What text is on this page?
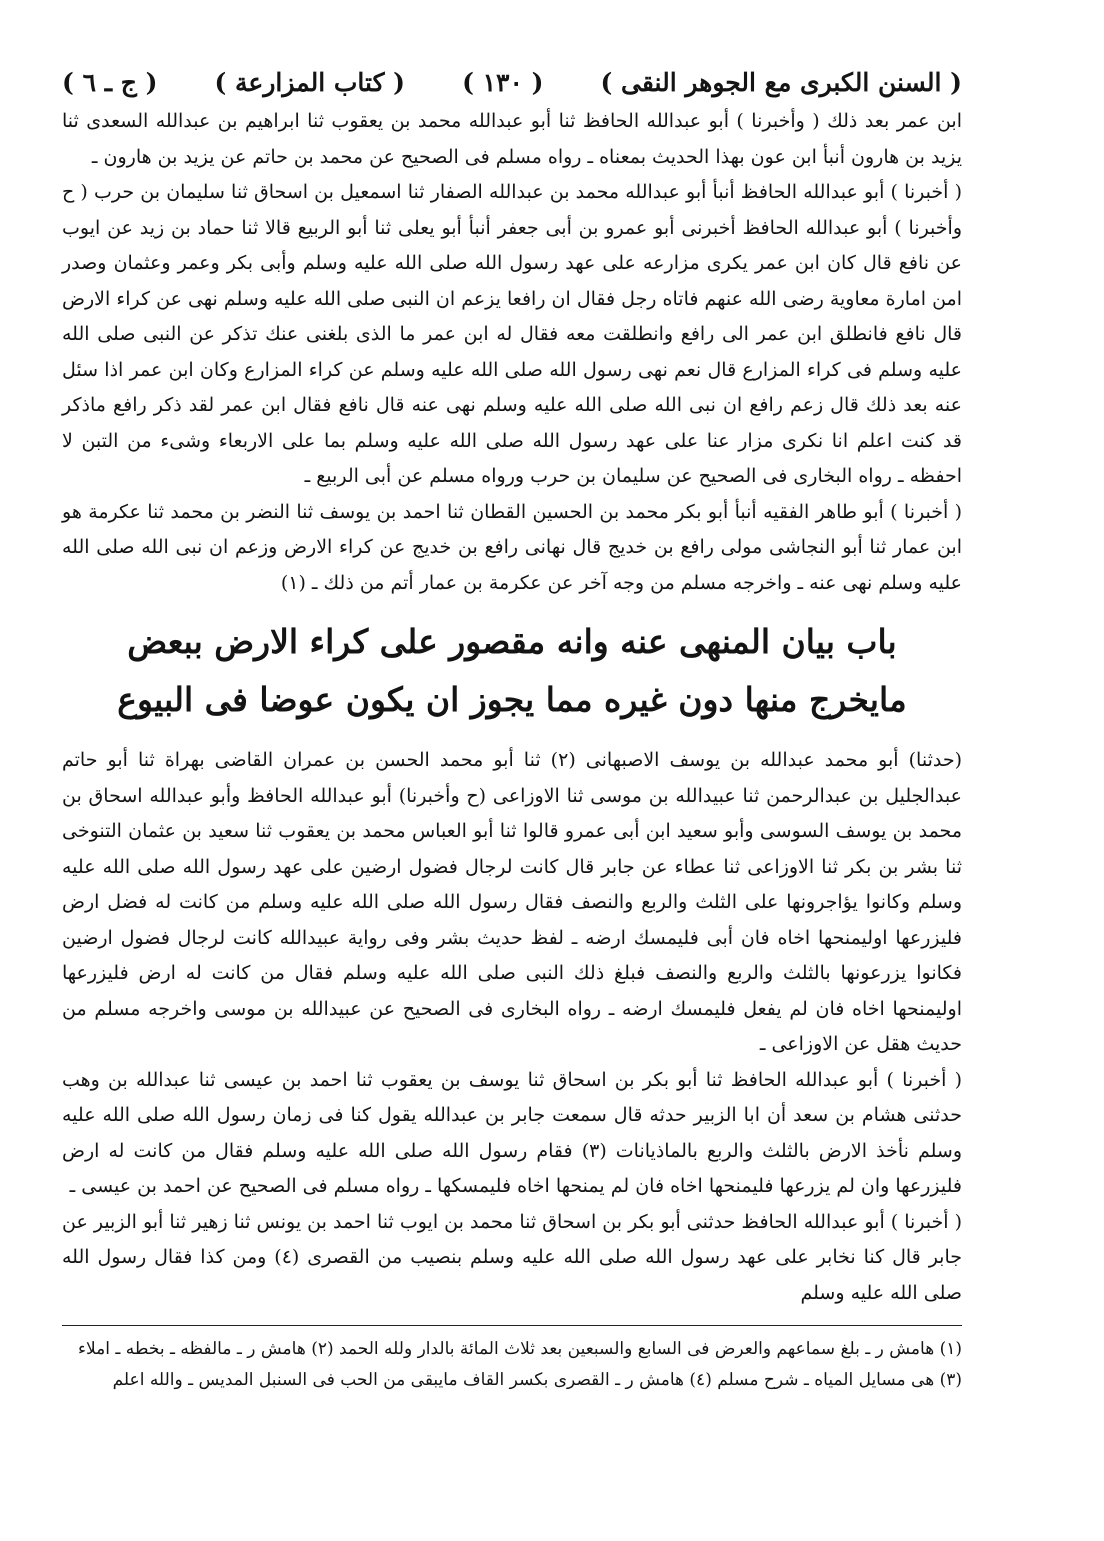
( السنن الكبرى مع الجوهر النقى )
( ١٣٠ )
( كتاب المزارعة )
( ج ـ ٦ )

ابن عمر بعد ذلك ( وأخبرنا ) أبو عبدالله الحافظ ثنا أبو عبدالله محمد بن يعقوب ثنا ابراهيم بن عبدالله السعدى ثنا يزيد بن هارون أنبأ ابن عون بهذا الحديث بمعناه ـ رواه مسلم فى الصحيح عن محمد بن حاتم عن يزيد بن هارون ـ

( أخبرنا ) أبو عبدالله الحافظ أنبأ أبو عبدالله محمد بن عبدالله الصفار ثنا اسمعيل بن اسحاق ثنا سليمان بن حرب ( ح وأخبرنا ) أبو عبدالله الحافظ أخبرنى أبو عمرو بن أبى جعفر أنبأ أبو يعلى ثنا أبو الربيع قالا ثنا حماد بن زيد عن ايوب عن نافع قال كان ابن عمر يكرى مزارعه على عهد رسول الله صلى الله عليه وسلم وأبى بكر وعمر وعثمان وصدر امن امارة معاوية رضى الله عنهم فاتاه رجل فقال ان رافعا يزعم ان النبى صلى الله عليه وسلم نهى عن كراء الارض قال نافع فانطلق ابن عمر الى رافع وانطلقت معه فقال له ابن عمر ما الذى بلغنى عنك تذكر عن النبى صلى الله عليه وسلم فى كراء المزارع قال نعم نهى رسول الله صلى الله عليه وسلم عن كراء المزارع وكان ابن عمر اذا سئل عنه بعد ذلك قال زعم رافع ان نبى الله صلى الله عليه وسلم نهى عنه قال نافع فقال ابن عمر لقد ذكر رافع ماذكر قد كنت اعلم انا نكرى مزار عنا على عهد رسول الله صلى الله عليه وسلم بما على الاربعاء وشىء من التبن لا احفظه ـ رواه البخارى فى الصحيح عن سليمان بن حرب ورواه مسلم عن أبى الربيع ـ

( أخبرنا ) أبو طاهر الفقيه أنبأ أبو بكر محمد بن الحسين القطان ثنا احمد بن يوسف ثنا النضر بن محمد ثنا عكرمة هو ابن عمار ثنا أبو النجاشى مولى رافع بن خديج قال نهانى رافع بن خديج عن كراء الارض وزعم ان نبى الله صلى الله عليه وسلم نهى عنه ـ واخرجه مسلم من وجه آخر عن عكرمة بن عمار أتم من ذلك ـ (١)

باب بيان المنهى عنه وانه مقصور على كراء الارض ببعض
مايخرج منها دون غيره مما يجوز ان يكون عوضا فى البيوع

(حدثنا) أبو محمد عبدالله بن يوسف الاصبهانى (٢) ثنا أبو محمد الحسن بن عمران القاضى بهراة ثنا أبو حاتم عبدالجليل بن عبدالرحمن ثنا عبيدالله بن موسى ثنا الاوزاعى (ح وأخبرنا) أبو عبدالله الحافظ وأبو عبدالله اسحاق بن محمد بن يوسف السوسى وأبو سعيد ابن أبى عمرو قالوا ثنا أبو العباس محمد بن يعقوب ثنا سعيد بن عثمان التنوخى ثنا بشر بن بكر ثنا الاوزاعى ثنا عطاء عن جابر قال كانت لرجال فضول ارضين على عهد رسول الله صلى الله عليه وسلم وكانوا يؤاجرونها على الثلث والربع والنصف فقال رسول الله صلى الله عليه وسلم من كانت له فضل ارض فليزرعها اوليمنحها اخاه فان أبى فليمسك ارضه ـ لفظ حديث بشر وفى رواية عبيدالله كانت لرجال فضول ارضين فكانوا يزرعونها بالثلث والربع والنصف فبلغ ذلك النبى صلى الله عليه وسلم فقال من كانت له ارض فليزرعها اوليمنحها اخاه فان لم يفعل فليمسك ارضه ـ رواه البخارى فى الصحيح عن عبيدالله بن موسى واخرجه مسلم من حديث هقل عن الاوزاعى ـ

( أخبرنا ) أبو عبدالله الحافظ ثنا أبو بكر بن اسحاق ثنا يوسف بن يعقوب ثنا احمد بن عيسى ثنا عبدالله بن وهب حدثنى هشام بن سعد أن ابا الزبير حدثه قال سمعت جابر بن عبدالله يقول كنا فى زمان رسول الله صلى الله عليه وسلم نأخذ الارض بالثلث والربع بالماذيانات (٣) فقام رسول الله صلى الله عليه وسلم فقال من كانت له ارض فليزرعها وان لم يزرعها فليمنحها اخاه فان لم يمنحها اخاه فليمسكها ـ رواه مسلم فى الصحيح عن احمد بن عيسى ـ

( أخبرنا ) أبو عبدالله الحافظ حدثنى أبو بكر بن اسحاق ثنا محمد بن ايوب ثنا احمد بن يونس ثنا زهير ثنا أبو الزبير عن جابر قال كنا نخابر على عهد رسول الله صلى الله عليه وسلم بنصيب من القصرى (٤) ومن كذا فقال رسول الله صلى الله عليه وسلم

(١) هامش ر ـ بلغ سماعهم والعرض فى السابع والسبعين بعد ثلاث المائة بالدار ولله الحمد (٢) هامش ر ـ مالفظه ـ بخطه ـ املاء

(٣) هى مسايل المياه ـ شرح مسلم (٤) هامش ر ـ القصرى بكسر القاف مايبقى من الحب فى السنبل المديس ـ والله اعلم
